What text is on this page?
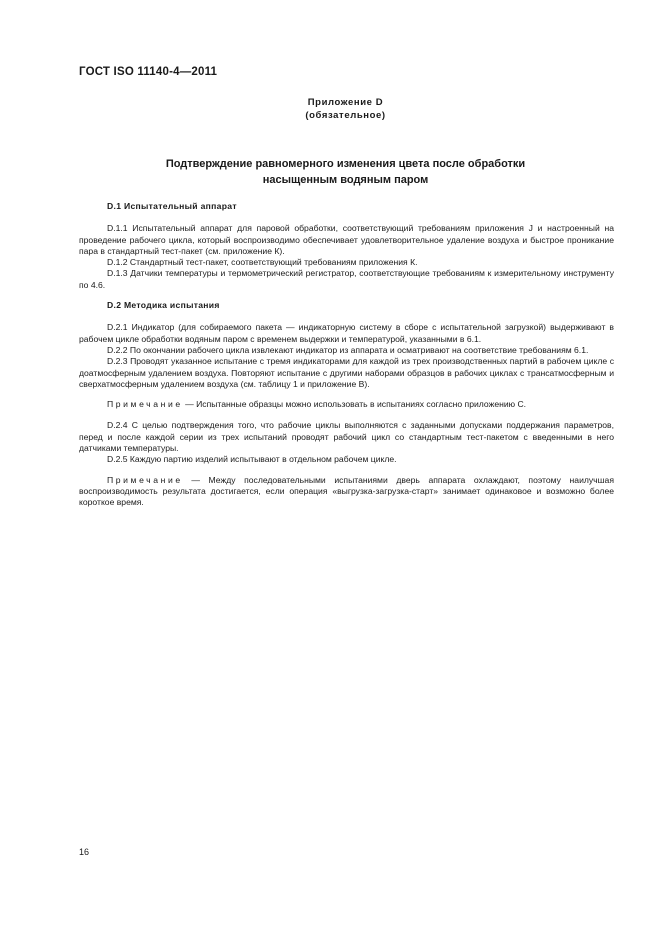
ГОСТ ISO 11140-4—2011
Приложение D
(обязательное)
Подтверждение равномерного изменения цвета после обработки
насыщенным водяным паром
D.1 Испытательный аппарат

D.1.1 Испытательный аппарат для паровой обработки, соответствующий требованиям приложения J и настроенный на проведение рабочего цикла, который воспроизводимо обеспечивает удовлетворительное удаление воздуха и быстрое проникание пара в стандартный тест-пакет (см. приложение К).

D.1.2 Стандартный тест-пакет, соответствующий требованиям приложения К.

D.1.3 Датчики температуры и термометрический регистратор, соответствующие требованиям к измерительному инструменту по 4.6.

D.2 Методика испытания

D.2.1 Индикатор (для собираемого пакета — индикаторную систему в сборе с испытательной загрузкой) выдерживают в рабочем цикле обработки водяным паром с временем выдержки и температурой, указанными в 6.1.

D.2.2 По окончании рабочего цикла извлекают индикатор из аппарата и осматривают на соответствие требованиям 6.1.

D.2.3 Проводят указанное испытание с тремя индикаторами для каждой из трех производственных партий в рабочем цикле с доатмосферным удалением воздуха. Повторяют испытание с другими наборами образцов в рабочих циклах с трансатмосферным и сверхатмосферным удалением воздуха (см. таблицу 1 и приложение В).

Примечание — Испытанные образцы можно использовать в испытаниях согласно приложению С.

D.2.4 С целью подтверждения того, что рабочие циклы выполняются с заданными допусками поддержания параметров, перед и после каждой серии из трех испытаний проводят рабочий цикл со стандартным тест-пакетом с введенными в него датчиками температуры.

D.2.5 Каждую партию изделий испытывают в отдельном рабочем цикле.

Примечание — Между последовательными испытаниями дверь аппарата охлаждают, поэтому наилучшая воспроизводимость результата достигается, если операция «выгрузка-загрузка-старт» занимает одинаковое и возможно более короткое время.

16
